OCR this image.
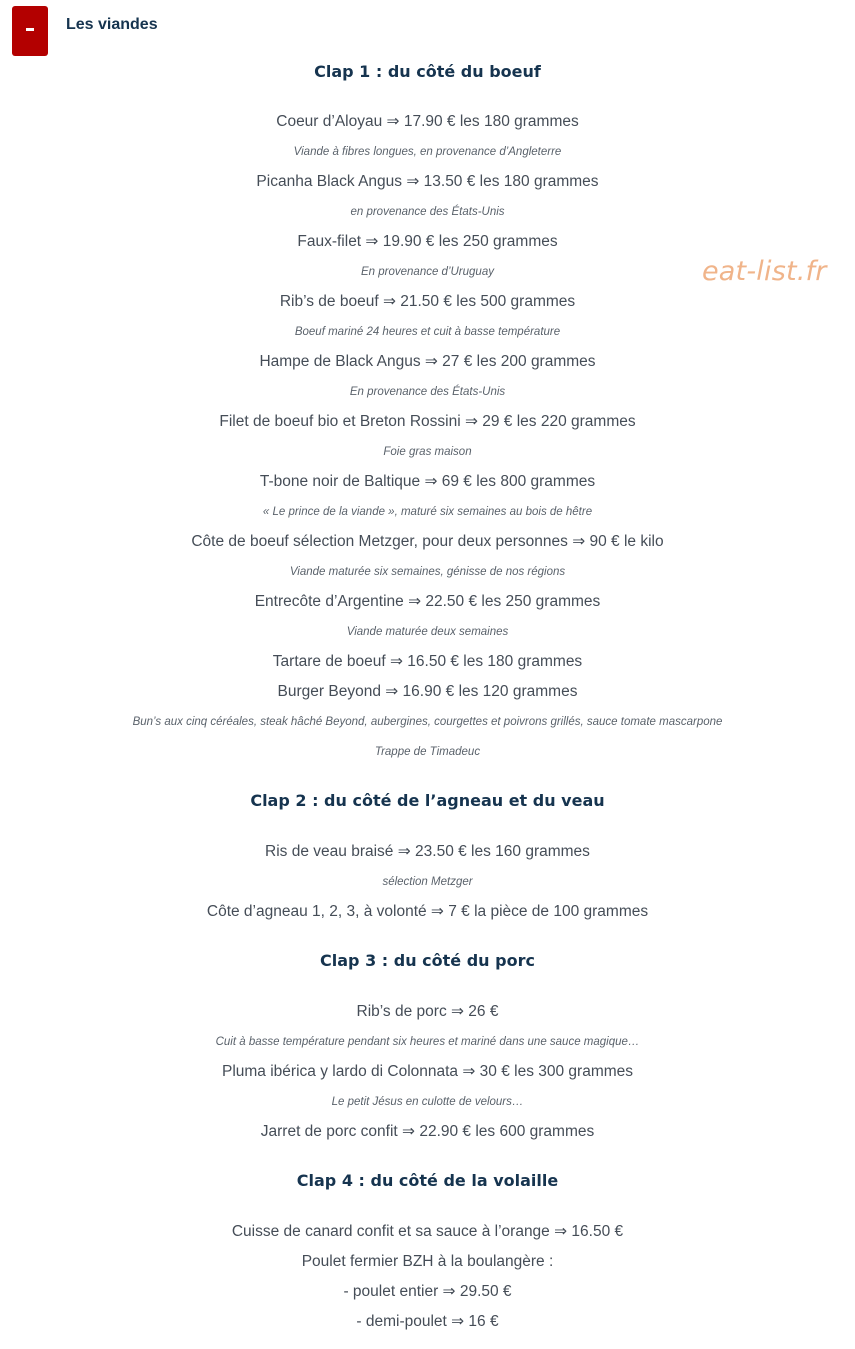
Les viandes
eat-list.fr
Clap 1 : du côté du boeuf
Coeur d’Aloyau ⇒ 17.90 € les 180 grammes
Viande à fibres longues, en provenance d’Angleterre
Picanha Black Angus ⇒ 13.50 € les 180 grammes
en provenance des États-Unis
Faux-filet ⇒ 19.90 € les 250 grammes
En provenance d’Uruguay
Rib’s de boeuf ⇒ 21.50 € les 500 grammes
Boeuf mariné 24 heures et cuit à basse température
Hampe de Black Angus ⇒ 27 € les 200 grammes
En provenance des États-Unis
Filet de boeuf bio et Breton Rossini ⇒ 29 € les 220 grammes
Foie gras maison
T-bone noir de Baltique ⇒ 69 € les 800 grammes
« Le prince de la viande », maturé six semaines au bois de hêtre
Côte de boeuf sélection Metzger, pour deux personnes ⇒ 90 € le kilo
Viande maturée six semaines, génisse de nos régions
Entrecôte d’Argentine ⇒ 22.50 € les 250 grammes
Viande maturée deux semaines
Tartare de boeuf ⇒ 16.50 € les 180 grammes
Burger Beyond ⇒ 16.90 € les 120 grammes
Bun’s aux cinq céréales, steak hâché Beyond, aubergines, courgettes et poivrons grillés, sauce tomate mascarpone
Trappe de Timadeuc
Clap 2 : du côté de l’agneau et du veau
Ris de veau braisé ⇒ 23.50 € les 160 grammes
sélection Metzger
Côte d’agneau 1, 2, 3, à volonté ⇒ 7 € la pièce de 100 grammes
Clap 3 : du côté du porc
Rib’s de porc ⇒ 26 €
Cuit à basse température pendant six heures et mariné dans une sauce magique…
Pluma ibérica y lardo di Colonnata ⇒ 30 € les 300 grammes
Le petit Jésus en culotte de velours…
Jarret de porc confit ⇒ 22.90 € les 600 grammes
Clap 4 : du côté de la volaille
Cuisse de canard confit et sa sauce à l’orange ⇒ 16.50 €
Poulet fermier BZH à la boulangère :
- poulet entier ⇒ 29.50 €
- demi-poulet ⇒ 16 €
